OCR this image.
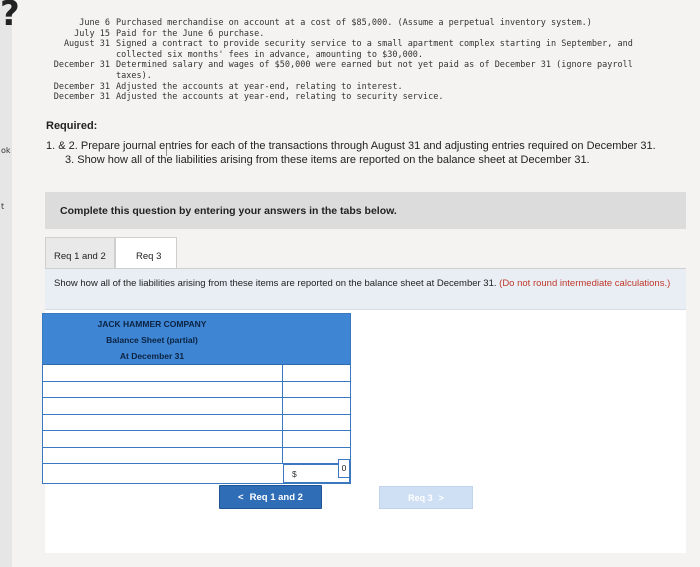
ok
t
?	June 6 Purchased merchandise on account at a cost of $85,000. (Assume a perpetual inventory system.)
July 15 Paid for the June 6 purchase.
August 31 Signed a contract to provide security service to a small apartment complex starting in September, and
collected six months' fees in advance, amounting to $30,000.
December 31 Determined salary and wages of $50,000 were earned but not yet paid as of December 31 (ignore payroll
taxes).
December 31 Adjusted the accounts at year-end, relating to interest.
December 31 Adjusted the accounts at year-end, relating to security service.
Required:
1. & 2. Prepare journal entries for each of the transactions through August 31 and adjusting entries required on December 31.
3. Show how all of the liabilities arising from these items are reported on the balance sheet at December 31.
Complete this question by entering your answers in the tabs below.
Req 1 and 2	Req 3
Show how all of the liabilities arising from these items are reported on the balance sheet at December 31. (Do not round intermediate calculations.)
JACK HAMMER COMPANY
Balance Sheet (partial)
At December 31
$
0
< Req 1 and 2	Req 3 >
